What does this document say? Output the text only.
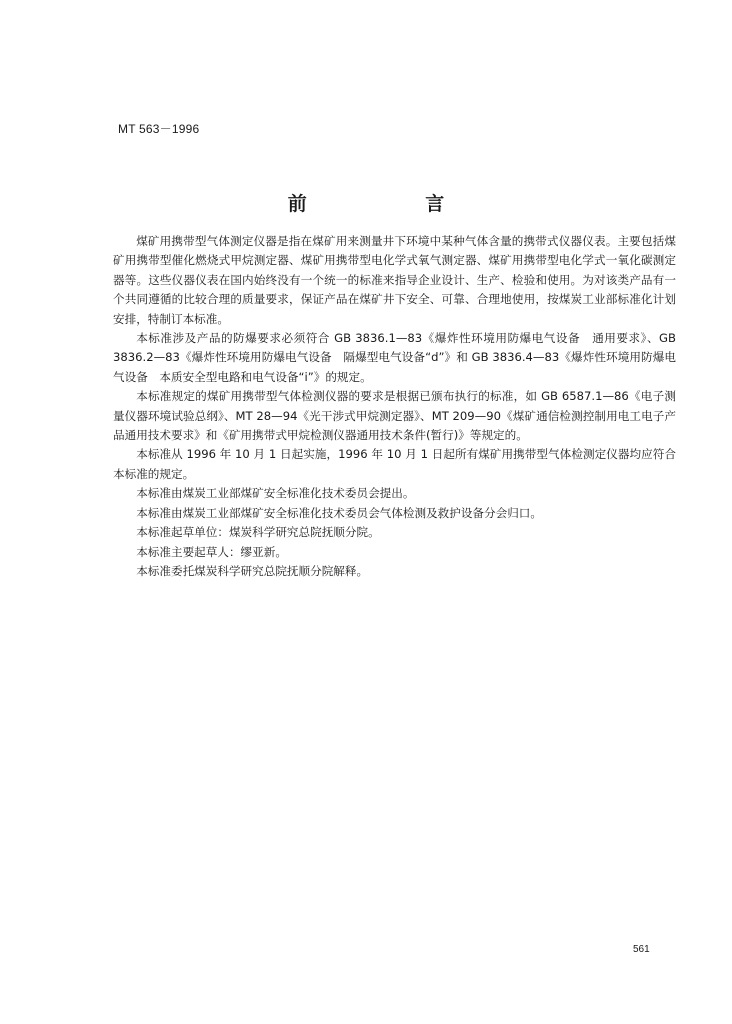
MT 563－1996
前 言

煤矿用携带型气体测定仪器是指在煤矿用来测量井下环境中某种气体含量的携带式仪器仪表。主要包括煤矿用携带型催化燃烧式甲烷测定器、煤矿用携带型电化学式氧气测定器、煤矿用携带型电化学式一氧化碳测定器等。这些仪器仪表在国内始终没有一个统一的标准来指导企业设计、生产、检验和使用。为对该类产品有一个共同遵循的比较合理的质量要求，保证产品在煤矿井下安全、可靠、合理地使用，按煤炭工业部标准化计划安排，特制订本标准。

本标准涉及产品的防爆要求必须符合 GB 3836.1—83《爆炸性环境用防爆电气设备　通用要求》、GB 3836.2—83《爆炸性环境用防爆电气设备　隔爆型电气设备“d”》和 GB 3836.4—83《爆炸性环境用防爆电气设备　本质安全型电路和电气设备“i”》的规定。

本标准规定的煤矿用携带型气体检测仪器的要求是根据已颁布执行的标准，如 GB 6587.1—86《电子测量仪器环境试验总纲》、MT 28—94《光干涉式甲烷测定器》、MT 209—90《煤矿通信检测控制用电工电子产品通用技术要求》和《矿用携带式甲烷检测仪器通用技术条件(暂行)》等规定的。

本标准从 1996 年 10 月 1 日起实施，1996 年 10 月 1 日起所有煤矿用携带型气体检测定仪器均应符合本标准的规定。

本标准由煤炭工业部煤矿安全标准化技术委员会提出。

本标准由煤炭工业部煤矿安全标准化技术委员会气体检测及救护设备分会归口。

本标准起草单位：煤炭科学研究总院抚顺分院。

本标准主要起草人：缪亚新。

本标准委托煤炭科学研究总院抚顺分院解释。

561
